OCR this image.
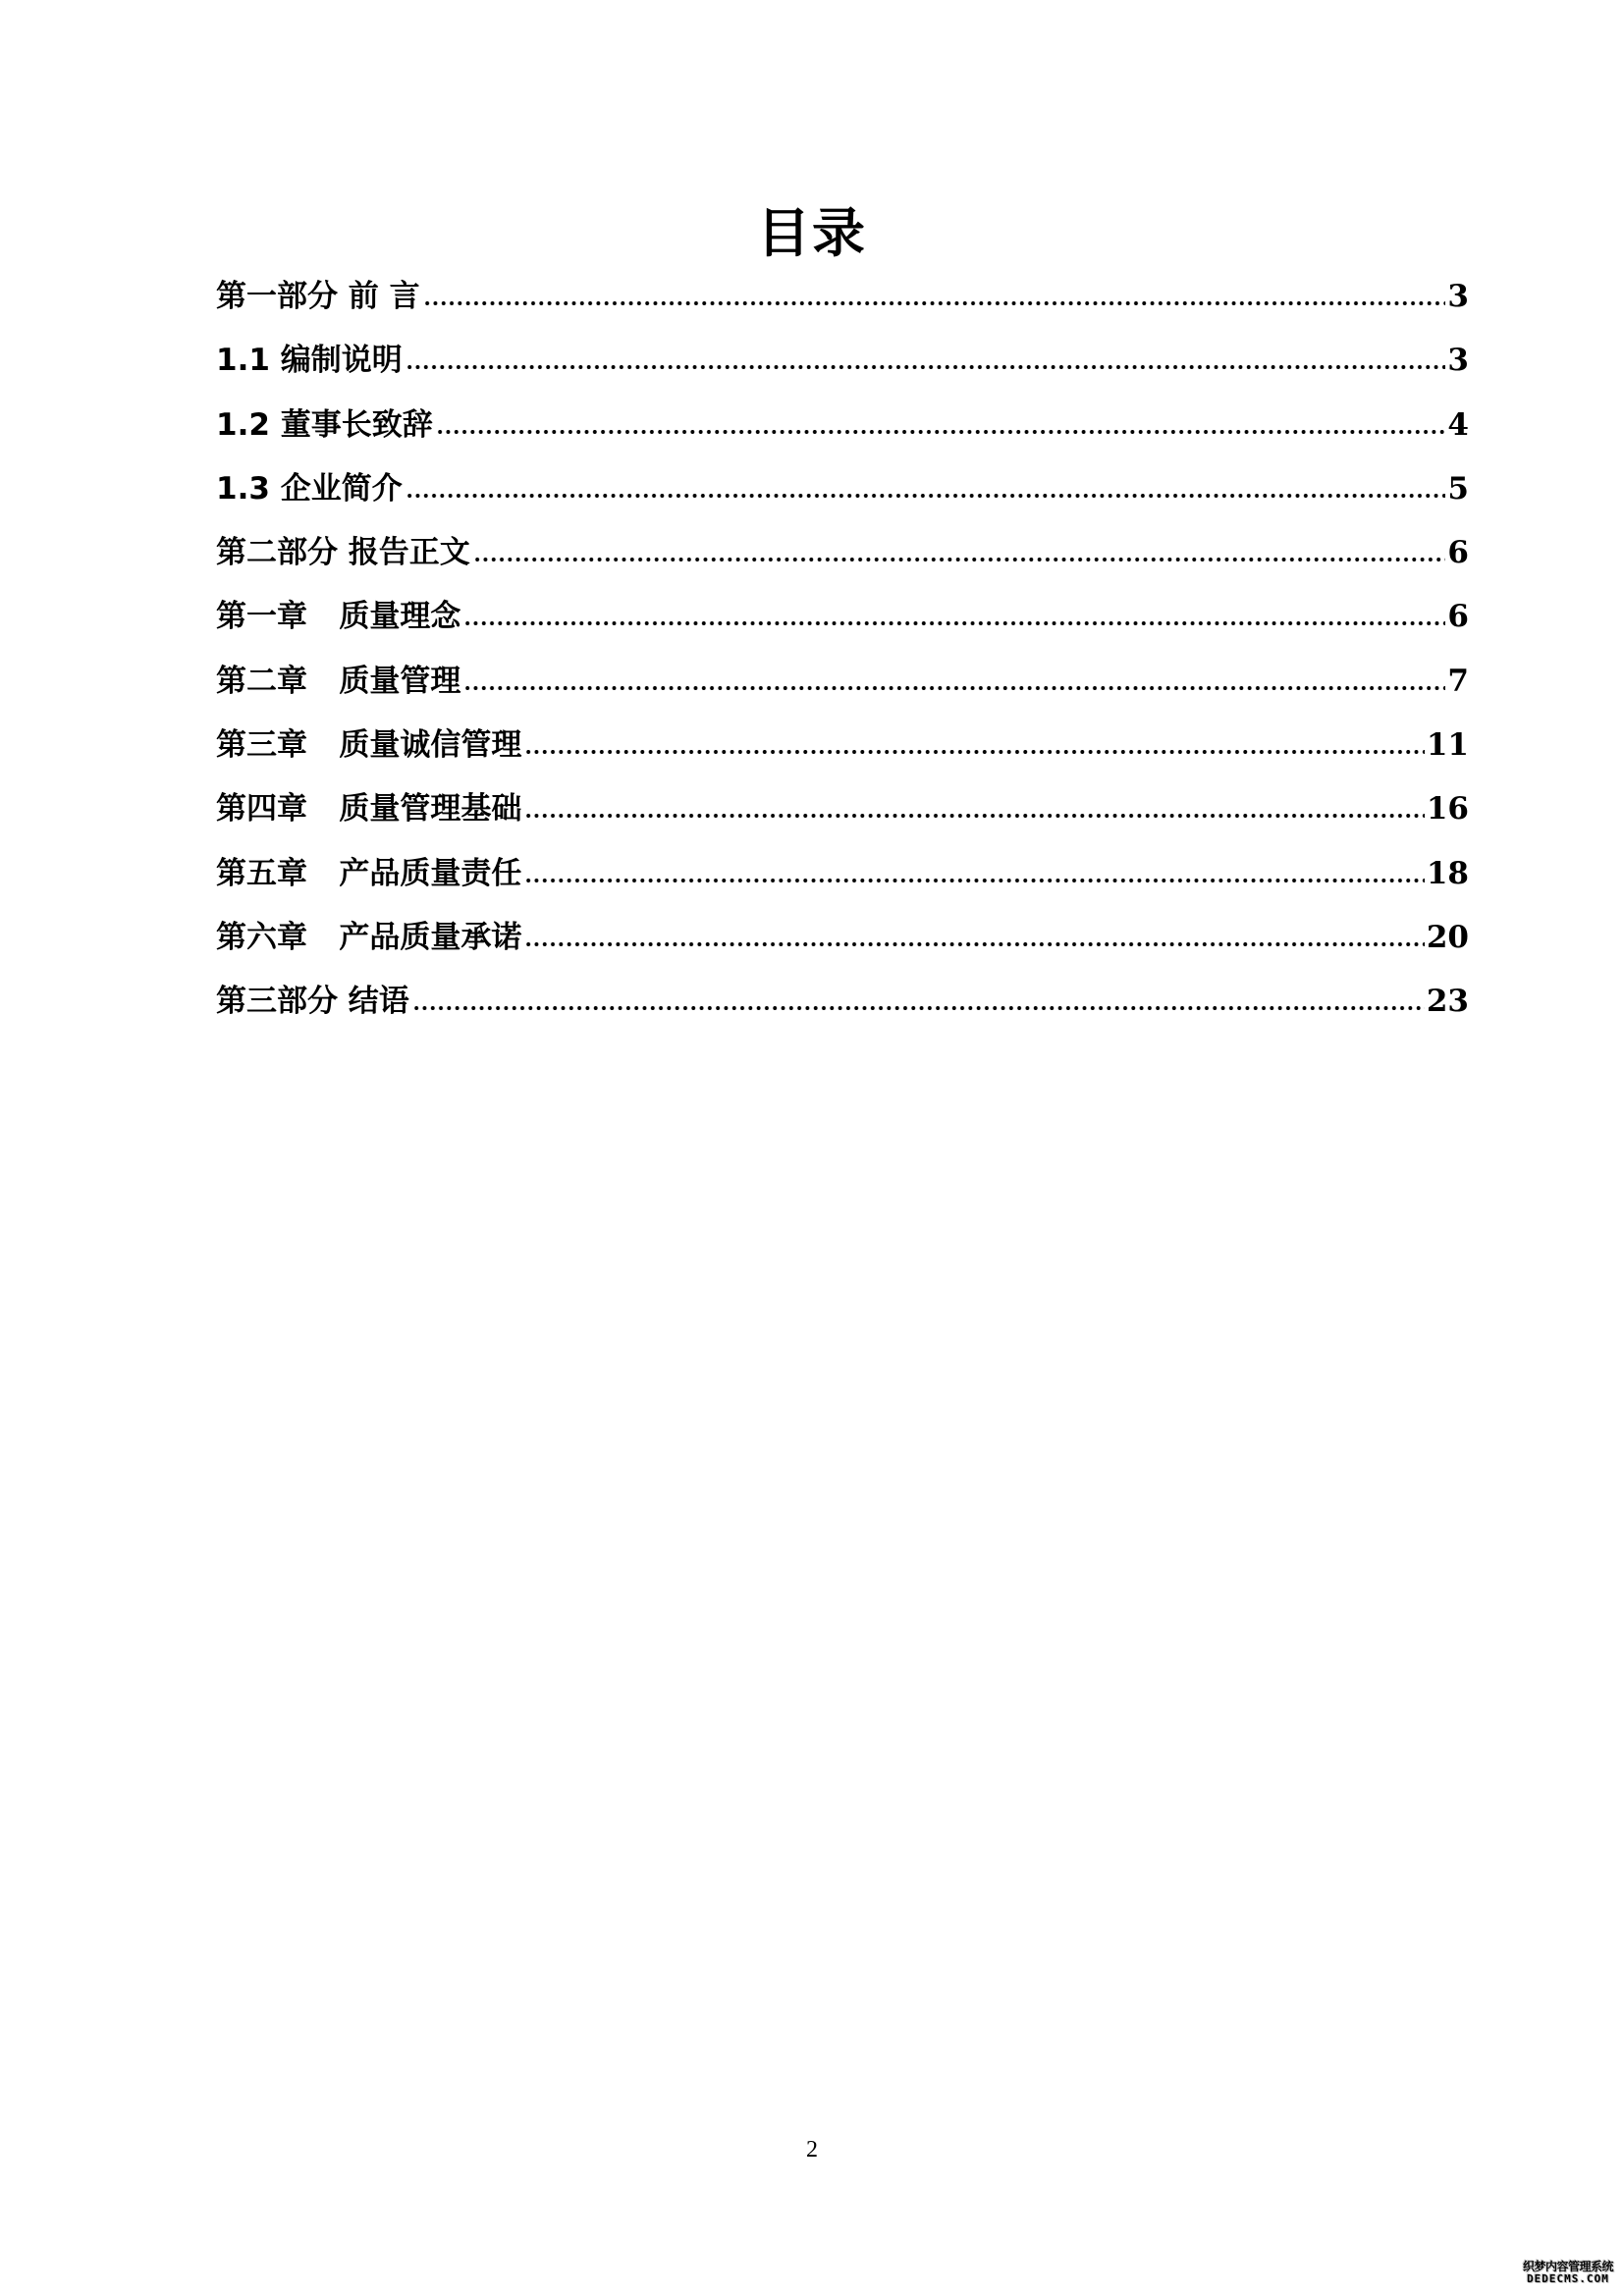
目录
第一部分 前 言	3
1.1 编制说明	3
1.2 董事长致辞	4
1.3 企业简介	5
第二部分 报告正文	6
第一章   质量理念	6
第二章   质量管理	7
第三章   质量诚信管理	11
第四章   质量管理基础	16
第五章   产品质量责任	18
第六章   产品质量承诺	20
第三部分 结语	23
2
织梦内容管理系统
DEDECMS.COM
